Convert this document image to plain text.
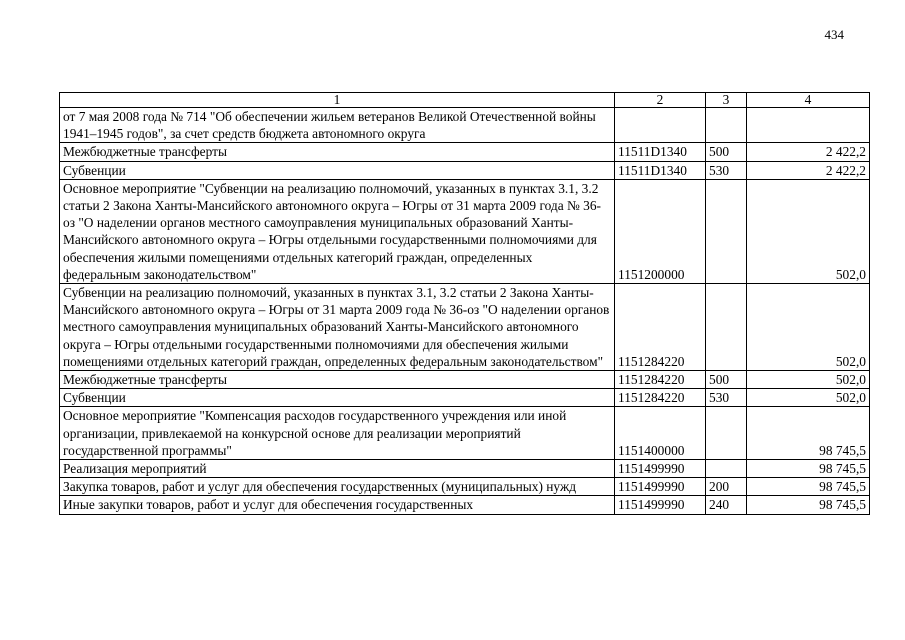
434
1	2	3	4
от 7 мая 2008 года № 714 "Об обеспечении жильем ветеранов Великой Отечественной войны 1941–1945 годов", за счет средств бюджета автономного округа			
Межбюджетные трансферты	11511D1340	500	2 422,2
Субвенции	11511D1340	530	2 422,2
Основное мероприятие "Субвенции на реализацию полномочий, указанных в пунктах 3.1, 3.2 статьи 2 Закона Ханты-Мансийского автономного округа – Югры от 31 марта 2009 года № 36-оз "О наделении органов местного самоуправления муниципальных образований Ханты-Мансийского автономного округа – Югры отдельными государственными полномочиями для обеспечения жилыми помещениями отдельных категорий граждан, определенных федеральным законодательством"	1151200000		502,0
Субвенции на реализацию полномочий, указанных в пунктах 3.1, 3.2 статьи 2 Закона Ханты-Мансийского автономного округа – Югры от 31 марта 2009 года № 36-оз "О наделении органов местного самоуправления муниципальных образований Ханты-Мансийского автономного округа – Югры отдельными государственными полномочиями для обеспечения жилыми помещениями отдельных категорий граждан, определенных федеральным законодательством"	1151284220		502,0
Межбюджетные трансферты	1151284220	500	502,0
Субвенции	1151284220	530	502,0
Основное мероприятие "Компенсация расходов государственного учреждения или иной организации, привлекаемой на конкурсной основе для реализации мероприятий государственной программы"	1151400000		98 745,5
Реализация мероприятий	1151499990		98 745,5
Закупка товаров, работ и услуг для обеспечения государственных (муниципальных) нужд	1151499990	200	98 745,5
Иные закупки товаров, работ и услуг для обеспечения государственных	1151499990	240	98 745,5
